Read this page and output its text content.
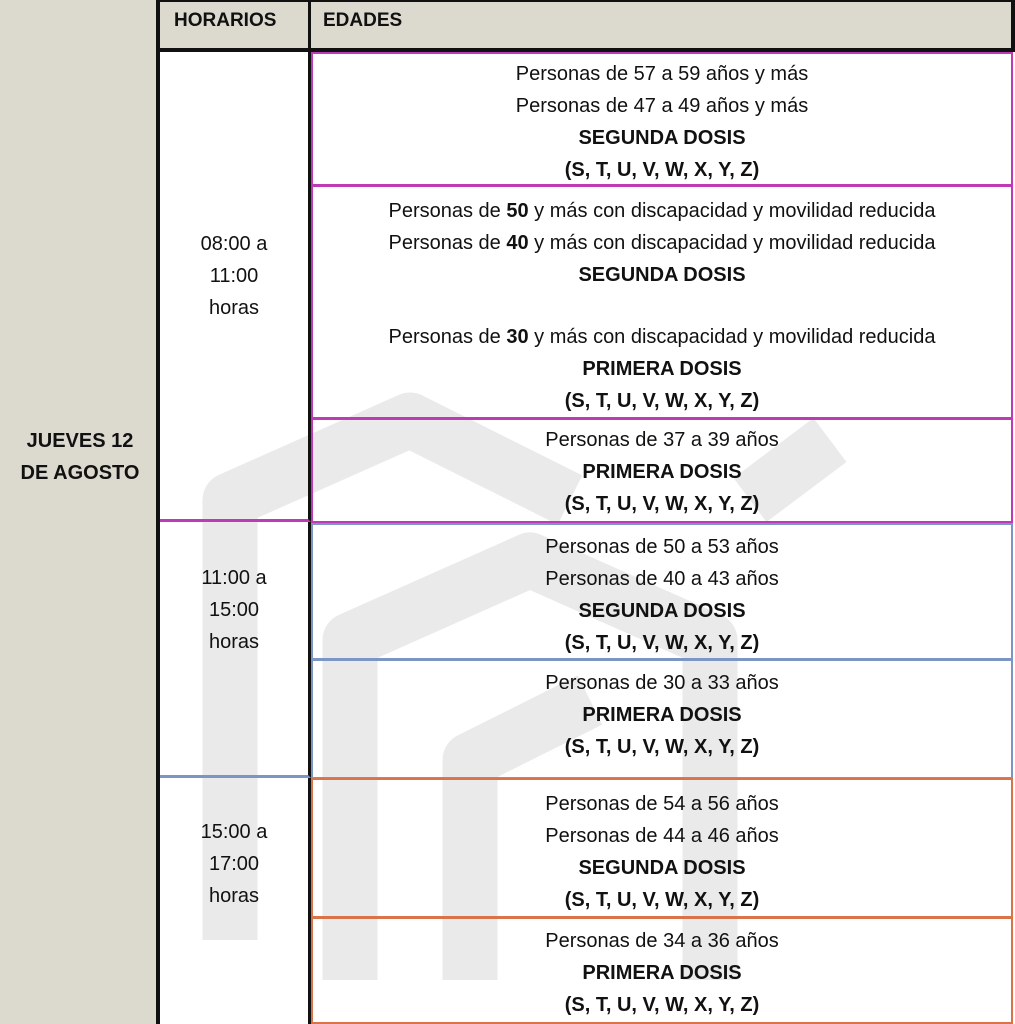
JUEVES 12
DE AGOSTO
HORARIOS	EDADES
08:00 a
11:00
horas
11:00 a
15:00
horas
15:00 a
17:00
horas
Personas de 57 a 59 años y más
Personas de 47 a 49 años y más
SEGUNDA DOSIS
(S, T, U, V, W, X, Y, Z)
Personas de 50 y más con discapacidad y movilidad reducida
Personas de 40 y más con discapacidad y movilidad reducida
SEGUNDA DOSIS
Personas de 30 y más con discapacidad y movilidad reducida
PRIMERA DOSIS
(S, T, U, V, W, X, Y, Z)
Personas de 37 a 39 años
PRIMERA DOSIS
(S, T, U, V, W, X, Y, Z)
Personas de 50 a 53 años
Personas de 40 a 43 años
SEGUNDA DOSIS
(S, T, U, V, W, X, Y, Z)
Personas de 30 a 33 años
PRIMERA DOSIS
(S, T, U, V, W, X, Y, Z)
Personas de 54 a 56 años
Personas de 44 a 46 años
SEGUNDA DOSIS
(S, T, U, V, W, X, Y, Z)
Personas de 34 a 36 años
PRIMERA DOSIS
(S, T, U, V, W, X, Y, Z)
